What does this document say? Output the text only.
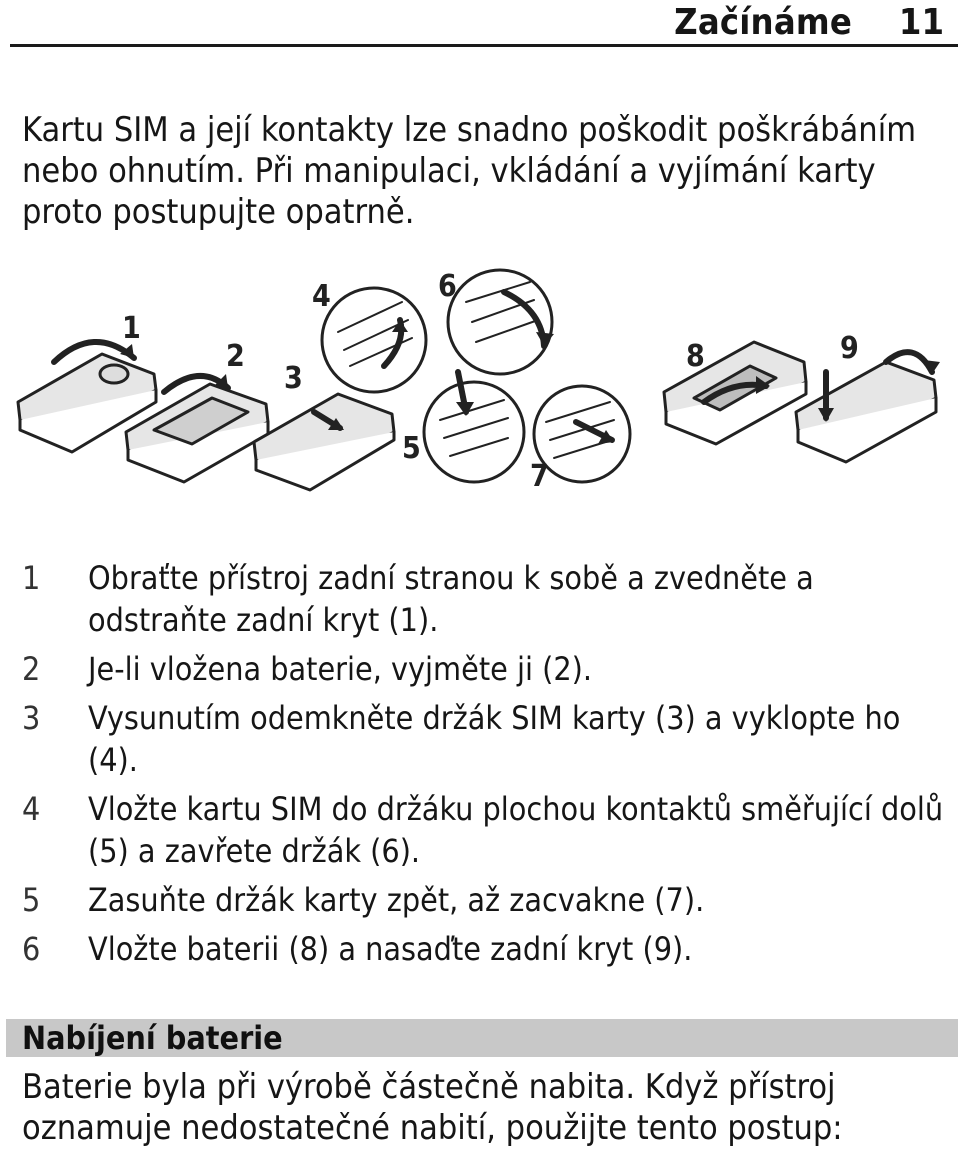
Začínáme 11
Kartu SIM a její kontakty lze snadno poškodit poškrábáním nebo ohnutím. Při manipulaci, vkládání a vyjímání karty proto postupujte opatrně.
1
2
3
4
5
6
7
8	9
1 Obraťte přístroj zadní stranou k sobě a zvedněte a odstraňte zadní kryt (1).
2 Je-li vložena baterie, vyjměte ji (2).
3 Vysunutím odemkněte držák SIM karty (3) a vyklopte ho (4).
4 Vložte kartu SIM do držáku plochou kontaktů směřující dolů (5) a zavřete držák (6).
5 Zasuňte držák karty zpět, až zacvakne (7).
6 Vložte baterii (8) a nasaďte zadní kryt (9).
Nabíjení baterie
Baterie byla při výrobě částečně nabita. Když přístroj oznamuje nedostatečné nabití, použijte tento postup:
